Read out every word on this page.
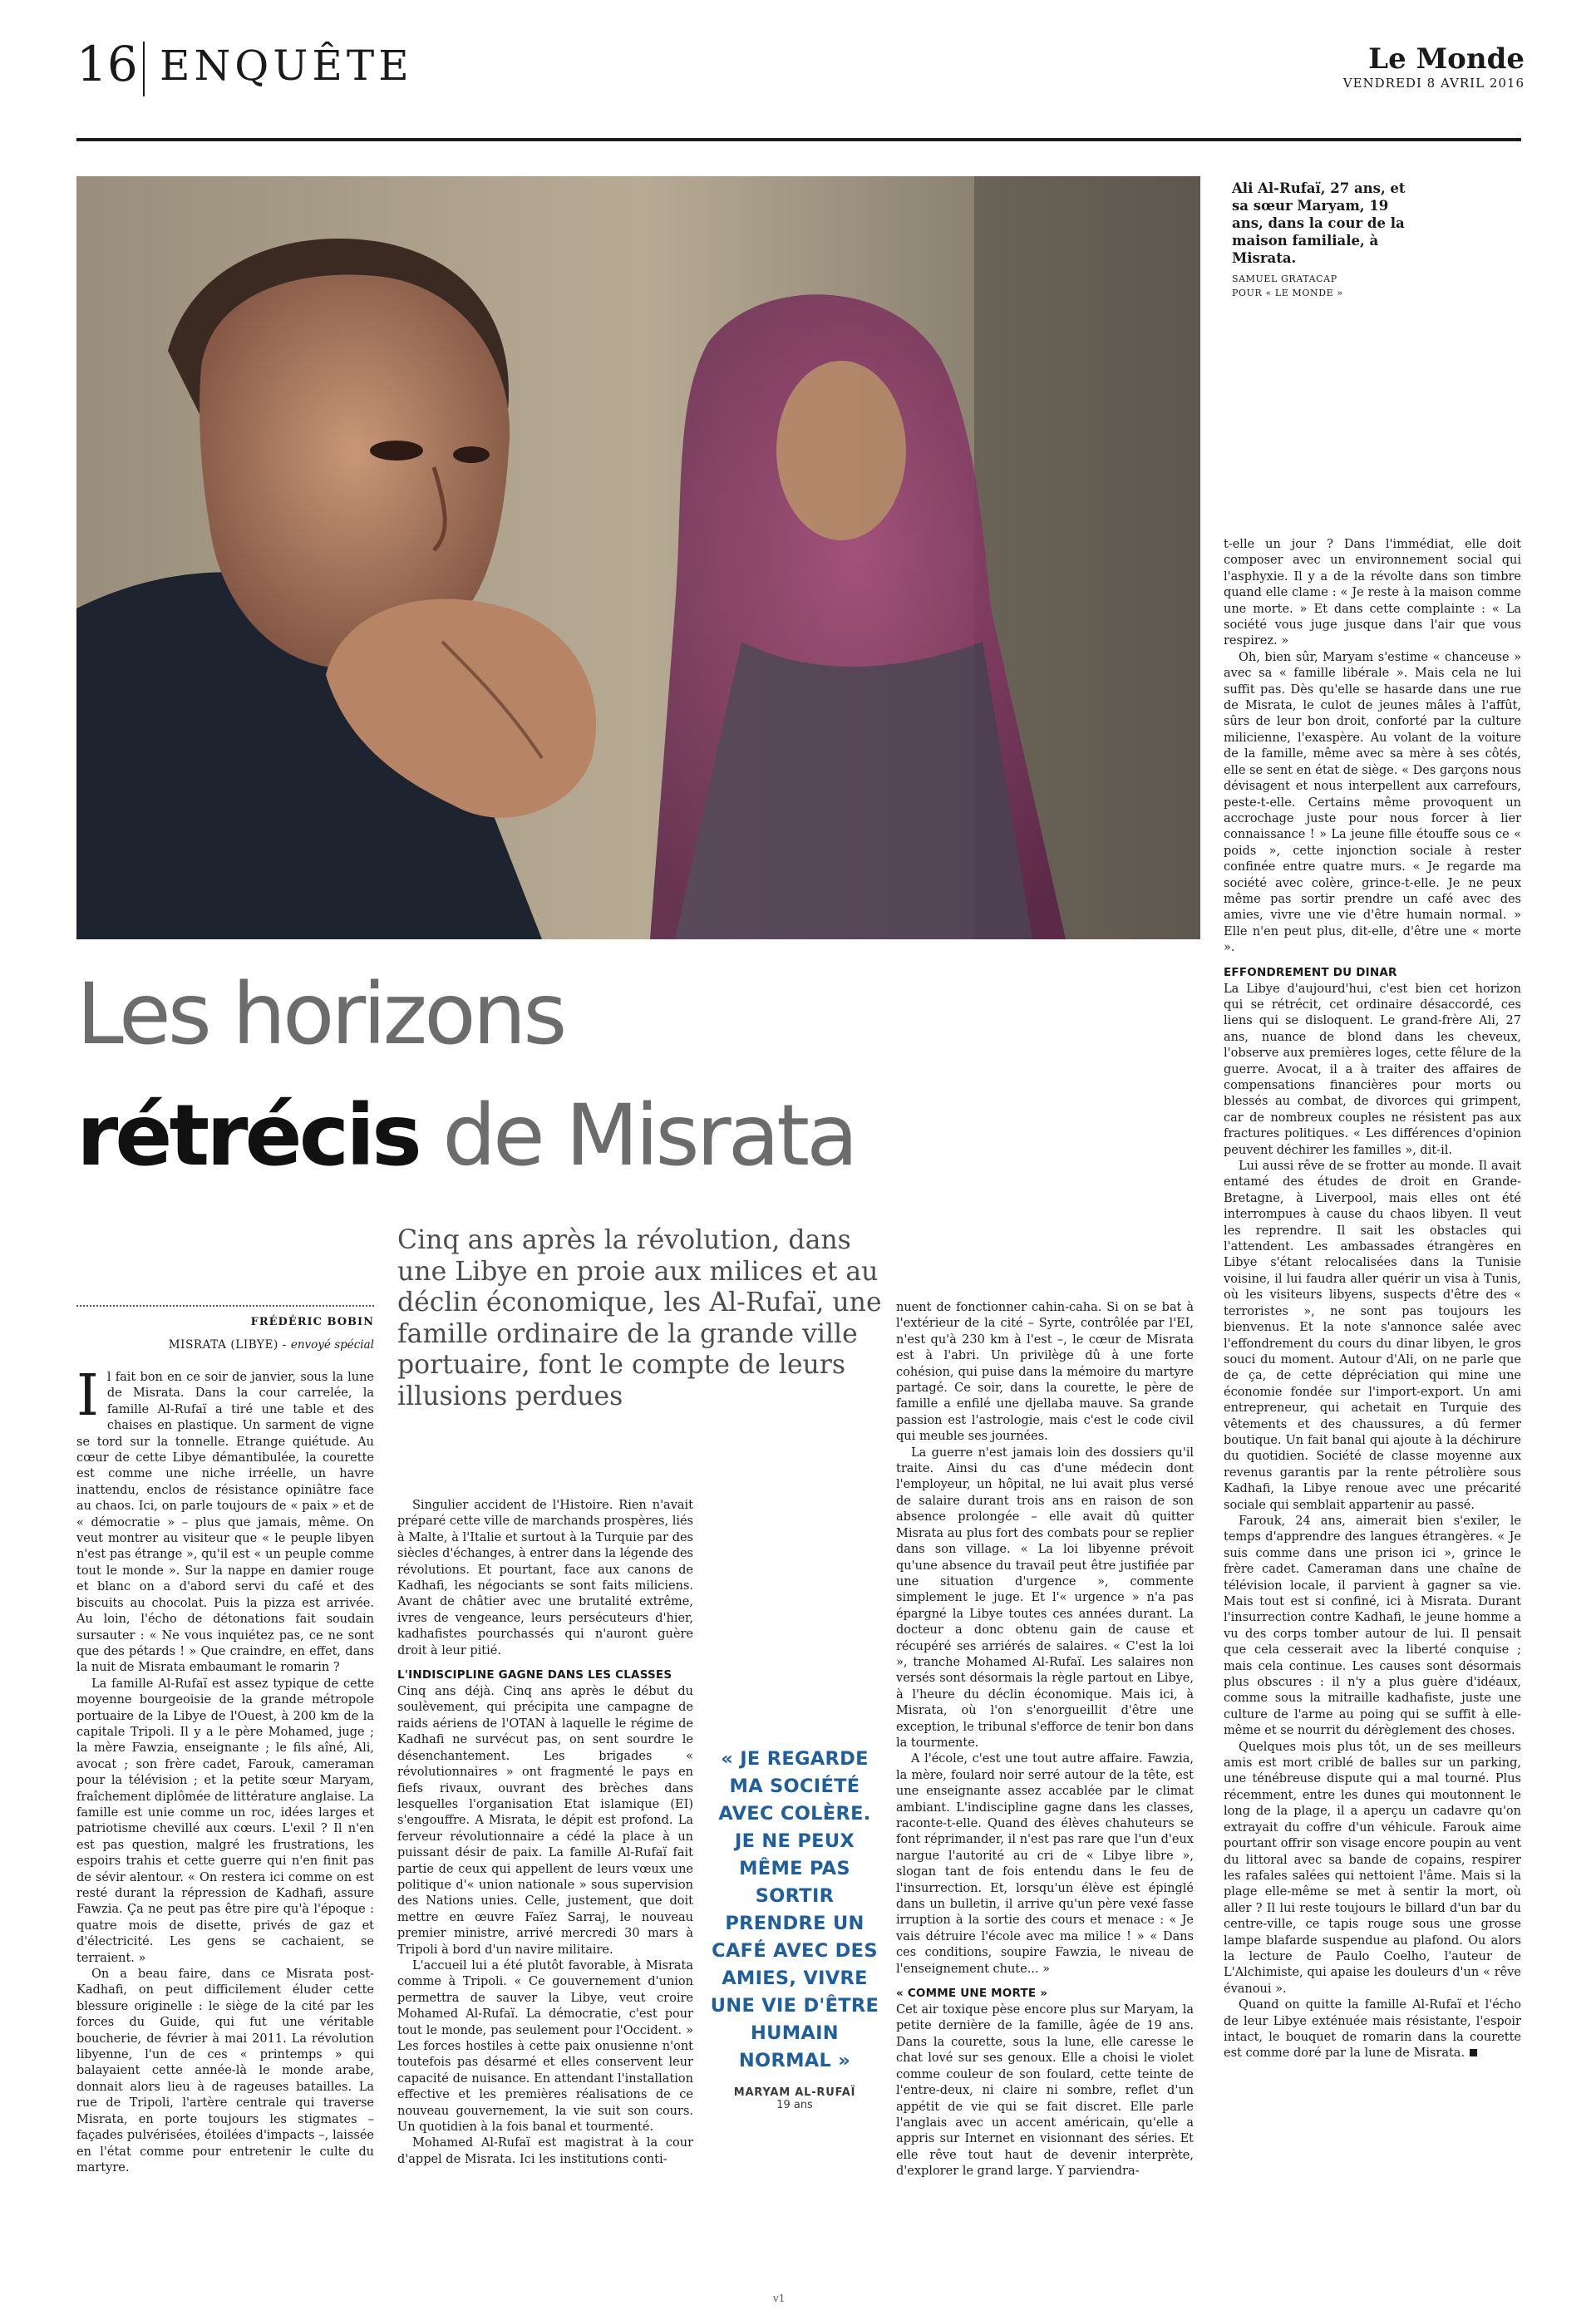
16 ENQUÊTE	Le Monde
VENDREDI 8 AVRIL 2016
Ali Al-Rufaï, 27 ans, et sa sœur Maryam, 19 ans, dans la cour de la maison familiale, à Misrata.
SAMUEL GRATACAP
POUR « LE MONDE »
Les horizons
rétrécis de Misrata
Cinq ans après la révolution, dans une Libye en proie aux milices et au déclin économique, les Al-Rufaï, une famille ordinaire de la grande ville portuaire, font le compte de leurs illusions perdues
FRÉDÉRIC BOBIN
MISRATA (LIBYE) - envoyé spécial

Il fait bon en ce soir de janvier, sous la lune de Misrata. Dans la cour carrelée, la famille Al-Rufaï a tiré une table et des chaises en plastique. Un sarment de vigne se tord sur la tonnelle. Etrange quiétude. Au cœur de cette Libye démantibulée, la courette est comme une niche irréelle, un havre inattendu, enclos de résistance opiniâtre face au chaos. Ici, on parle toujours de « paix » et de « démocratie » – plus que jamais, même. On veut montrer au visiteur que « le peuple libyen n'est pas étrange », qu'il est « un peuple comme tout le monde ». Sur la nappe en damier rouge et blanc on a d'abord servi du café et des biscuits au chocolat. Puis la pizza est arrivée. Au loin, l'écho de détonations fait soudain sursauter : « Ne vous inquiétez pas, ce ne sont que des pétards ! » Que craindre, en effet, dans la nuit de Misrata embaumant le romarin ?

La famille Al-Rufaï est assez typique de cette moyenne bourgeoisie de la grande métropole portuaire de la Libye de l'Ouest, à 200 km de la capitale Tripoli. Il y a le père Mohamed, juge ; la mère Fawzia, enseignante ; le fils aîné, Ali, avocat ; son frère cadet, Farouk, cameraman pour la télévision ; et la petite sœur Maryam, fraîchement diplômée de littérature anglaise. La famille est unie comme un roc, idées larges et patriotisme chevillé aux cœurs. L'exil ? Il n'en est pas question, malgré les frustrations, les espoirs trahis et cette guerre qui n'en finit pas de sévir alentour. « On restera ici comme on est resté durant la répression de Kadhafi, assure Fawzia. Ça ne peut pas être pire qu'à l'époque : quatre mois de disette, privés de gaz et d'électricité. Les gens se cachaient, se terraient. »

On a beau faire, dans ce Misrata post-Kadhafi, on peut difficilement éluder cette blessure originelle : le siège de la cité par les forces du Guide, qui fut une véritable boucherie, de février à mai 2011. La révolution libyenne, l'un de ces « printemps » qui balayaient cette année-là le monde arabe, donnait alors lieu à de rageuses batailles. La rue de Tripoli, l'artère centrale qui traverse Misrata, en porte toujours les stigmates – façades pulvérisées, étoilées d'impacts –, laissée en l'état comme pour entretenir le culte du martyre.

Singulier accident de l'Histoire. Rien n'avait préparé cette ville de marchands prospères, liés à Malte, à l'Italie et surtout à la Turquie par des siècles d'échanges, à entrer dans la légende des révolutions. Et pourtant, face aux canons de Kadhafi, les négociants se sont faits miliciens. Avant de châtier avec une brutalité extrême, ivres de vengeance, leurs persécuteurs d'hier, kadhafistes pourchassés qui n'auront guère droit à leur pitié.

L'INDISCIPLINE GAGNE DANS LES CLASSES

Cinq ans déjà. Cinq ans après le début du soulèvement, qui précipita une campagne de raids aériens de l'OTAN à laquelle le régime de Kadhafi ne survécut pas, on sent sourdre le désenchantement. Les brigades « révolutionnaires » ont fragmenté le pays en fiefs rivaux, ouvrant des brèches dans lesquelles l'organisation Etat islamique (EI) s'engouffre. A Misrata, le dépit est profond. La ferveur révolutionnaire a cédé la place à un puissant désir de paix. La famille Al-Rufaï fait partie de ceux qui appellent de leurs vœux une politique d'« union nationale » sous supervision des Nations unies. Celle, justement, que doit mettre en œuvre Faïez Sarraj, le nouveau premier ministre, arrivé mercredi 30 mars à Tripoli à bord d'un navire militaire.

L'accueil lui a été plutôt favorable, à Misrata comme à Tripoli. « Ce gouvernement d'union permettra de sauver la Libye, veut croire Mohamed Al-Rufaï. La démocratie, c'est pour tout le monde, pas seulement pour l'Occident. » Les forces hostiles à cette paix onusienne n'ont toutefois pas désarmé et elles conservent leur capacité de nuisance. En attendant l'installation effective et les premières réalisations de ce nouveau gouvernement, la vie suit son cours. Un quotidien à la fois banal et tourmenté.

Mohamed Al-Rufaï est magistrat à la cour d'appel de Misrata. Ici les institutions conti-

« JE REGARDE MA SOCIÉTÉ AVEC COLÈRE. JE NE PEUX MÊME PAS SORTIR PRENDRE UN CAFÉ AVEC DES AMIES, VIVRE UNE VIE D'ÊTRE HUMAIN NORMAL »
MARYAM AL-RUFAÏ
19 ans

nuent de fonctionner cahin-caha. Si on se bat à l'extérieur de la cité – Syrte, contrôlée par l'EI, n'est qu'à 230 km à l'est –, le cœur de Misrata est à l'abri. Un privilège dû à une forte cohésion, qui puise dans la mémoire du martyre partagé. Ce soir, dans la courette, le père de famille a enfilé une djellaba mauve. Sa grande passion est l'astrologie, mais c'est le code civil qui meuble ses journées.

La guerre n'est jamais loin des dossiers qu'il traite. Ainsi du cas d'une médecin dont l'employeur, un hôpital, ne lui avait plus versé de salaire durant trois ans en raison de son absence prolongée – elle avait dû quitter Misrata au plus fort des combats pour se replier dans son village. « La loi libyenne prévoit qu'une absence du travail peut être justifiée par une situation d'urgence », commente simplement le juge. Et l'« urgence » n'a pas épargné la Libye toutes ces années durant. La docteur a donc obtenu gain de cause et récupéré ses arriérés de salaires. « C'est la loi », tranche Mohamed Al-Rufaï. Les salaires non versés sont désormais la règle partout en Libye, à l'heure du déclin économique. Mais ici, à Misrata, où l'on s'enorgueillit d'être une exception, le tribunal s'efforce de tenir bon dans la tourmente.

A l'école, c'est une tout autre affaire. Fawzia, la mère, foulard noir serré autour de la tête, est une enseignante assez accablée par le climat ambiant. L'indiscipline gagne dans les classes, raconte-t-elle. Quand des élèves chahuteurs se font réprimander, il n'est pas rare que l'un d'eux nargue l'autorité au cri de « Libye libre », slogan tant de fois entendu dans le feu de l'insurrection. Et, lorsqu'un élève est épinglé dans un bulletin, il arrive qu'un père vexé fasse irruption à la sortie des cours et menace : « Je vais détruire l'école avec ma milice ! » « Dans ces conditions, soupire Fawzia, le niveau de l'enseignement chute... »

« COMME UNE MORTE »

Cet air toxique pèse encore plus sur Maryam, la petite dernière de la famille, âgée de 19 ans. Dans la courette, sous la lune, elle caresse le chat lové sur ses genoux. Elle a choisi le violet comme couleur de son foulard, cette teinte de l'entre-deux, ni claire ni sombre, reflet d'un appétit de vie qui se fait discret. Elle parle l'anglais avec un accent américain, qu'elle a appris sur Internet en visionnant des séries. Et elle rêve tout haut de devenir interprète, d'explorer le grand large. Y parviendra-

t-elle un jour ? Dans l'immédiat, elle doit composer avec un environnement social qui l'asphyxie. Il y a de la révolte dans son timbre quand elle clame : « Je reste à la maison comme une morte. » Et dans cette complainte : « La société vous juge jusque dans l'air que vous respirez. »

Oh, bien sûr, Maryam s'estime « chanceuse » avec sa « famille libérale ». Mais cela ne lui suffit pas. Dès qu'elle se hasarde dans une rue de Misrata, le culot de jeunes mâles à l'affût, sûrs de leur bon droit, conforté par la culture milicienne, l'exaspère. Au volant de la voiture de la famille, même avec sa mère à ses côtés, elle se sent en état de siège. « Des garçons nous dévisagent et nous interpellent aux carrefours, peste-t-elle. Certains même provoquent un accrochage juste pour nous forcer à lier connaissance ! » La jeune fille étouffe sous ce « poids », cette injonction sociale à rester confinée entre quatre murs. « Je regarde ma société avec colère, grince-t-elle. Je ne peux même pas sortir prendre un café avec des amies, vivre une vie d'être humain normal. » Elle n'en peut plus, dit-elle, d'être une « morte ».

EFFONDREMENT DU DINAR

La Libye d'aujourd'hui, c'est bien cet horizon qui se rétrécit, cet ordinaire désaccordé, ces liens qui se disloquent. Le grand-frère Ali, 27 ans, nuance de blond dans les cheveux, l'observe aux premières loges, cette fêlure de la guerre. Avocat, il a à traiter des affaires de compensations financières pour morts ou blessés au combat, de divorces qui grimpent, car de nombreux couples ne résistent pas aux fractures politiques. « Les différences d'opinion peuvent déchirer les familles », dit-il.

Lui aussi rêve de se frotter au monde. Il avait entamé des études de droit en Grande-Bretagne, à Liverpool, mais elles ont été interrompues à cause du chaos libyen. Il veut les reprendre. Il sait les obstacles qui l'attendent. Les ambassades étrangères en Libye s'étant relocalisées dans la Tunisie voisine, il lui faudra aller quérir un visa à Tunis, où les visiteurs libyens, suspects d'être des « terroristes », ne sont pas toujours les bienvenus. Et la note s'annonce salée avec l'effondrement du cours du dinar libyen, le gros souci du moment. Autour d'Ali, on ne parle que de ça, de cette dépréciation qui mine une économie fondée sur l'import-export. Un ami entrepreneur, qui achetait en Turquie des vêtements et des chaussures, a dû fermer boutique. Un fait banal qui ajoute à la déchirure du quotidien. Société de classe moyenne aux revenus garantis par la rente pétrolière sous Kadhafi, la Libye renoue avec une précarité sociale qui semblait appartenir au passé.

Farouk, 24 ans, aimerait bien s'exiler, le temps d'apprendre des langues étrangères. « Je suis comme dans une prison ici », grince le frère cadet. Cameraman dans une chaîne de télévision locale, il parvient à gagner sa vie. Mais tout est si confiné, ici à Misrata. Durant l'insurrection contre Kadhafi, le jeune homme a vu des corps tomber autour de lui. Il pensait que cela cesserait avec la liberté conquise ; mais cela continue. Les causes sont désormais plus obscures : il n'y a plus guère d'idéaux, comme sous la mitraille kadhafiste, juste une culture de l'arme au poing qui se suffit à elle-même et se nourrit du dérèglement des choses.

Quelques mois plus tôt, un de ses meilleurs amis est mort criblé de balles sur un parking, une ténébreuse dispute qui a mal tourné. Plus récemment, entre les dunes qui moutonnent le long de la plage, il a aperçu un cadavre qu'on extrayait du coffre d'un véhicule. Farouk aime pourtant offrir son visage encore poupin au vent du littoral avec sa bande de copains, respirer les rafales salées qui nettoient l'âme. Mais si la plage elle-même se met à sentir la mort, où aller ? Il lui reste toujours le billard d'un bar du centre-ville, ce tapis rouge sous une grosse lampe blafarde suspendue au plafond. Ou alors la lecture de Paulo Coelho, l'auteur de L'Alchimiste, qui apaise les douleurs d'un « rêve évanoui ».

Quand on quitte la famille Al-Rufaï et l'écho de leur Libye exténuée mais résistante, l'espoir intact, le bouquet de romarin dans la courette est comme doré par la lune de Misrata.

v1
